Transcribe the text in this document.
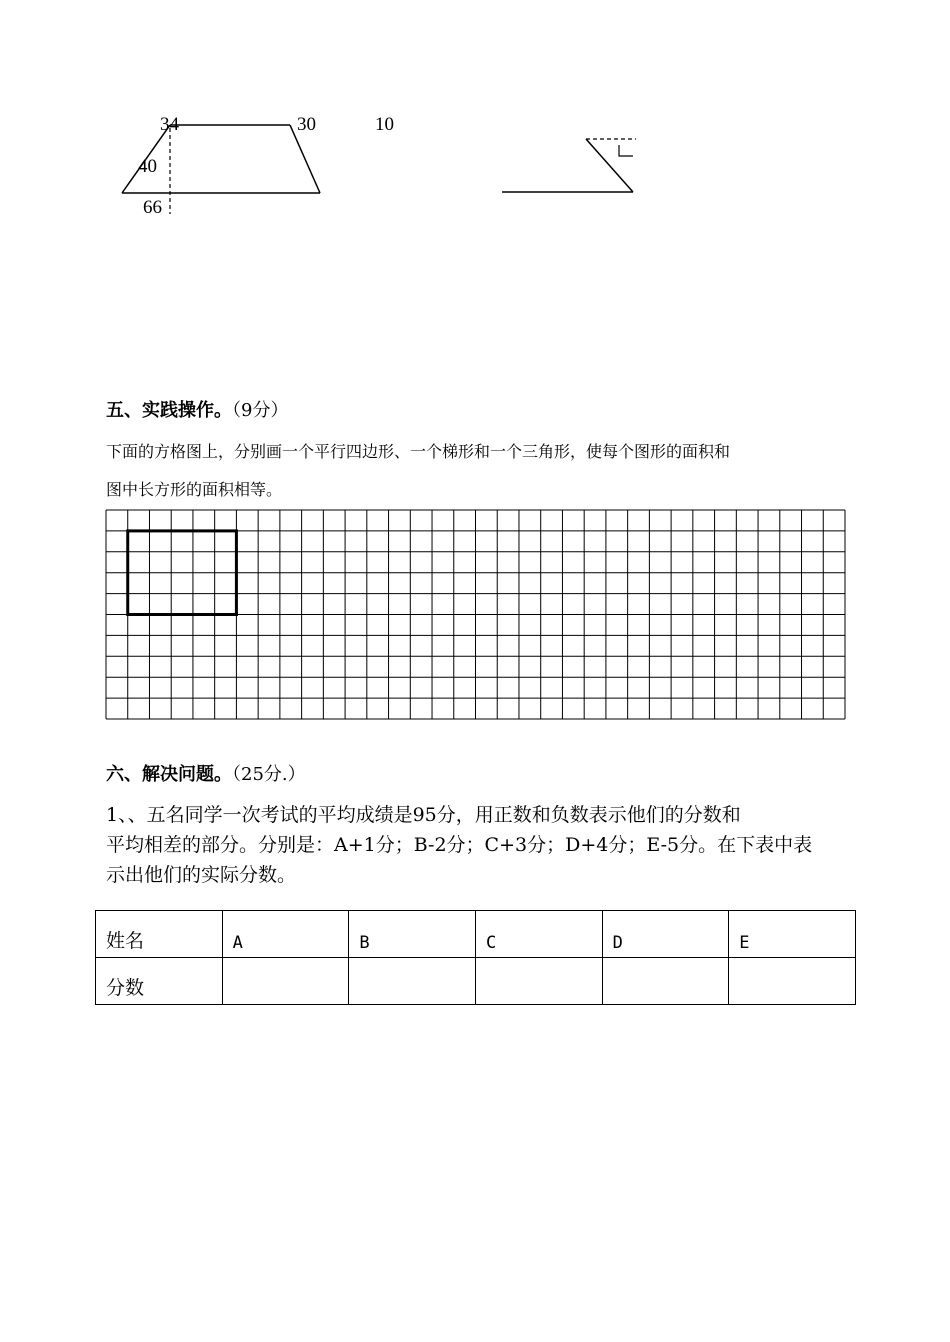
34	30
40
66
10
五、实践操作。（9分）
下面的方格图上，分别画一个平行四边形、一个梯形和一个三角形，使每个图形的面积和
图中长方形的面积相等。
六、解决问题。（25分.）
1、、五名同学一次考试的平均成绩是95分，用正数和负数表示他们的分数和
平均相差的部分。分别是：A+1分；B-2分；C+3分；D+4分；E-5分。在下表中表
示出他们的实际分数。
姓名	A	B	C	D	E
分数					
